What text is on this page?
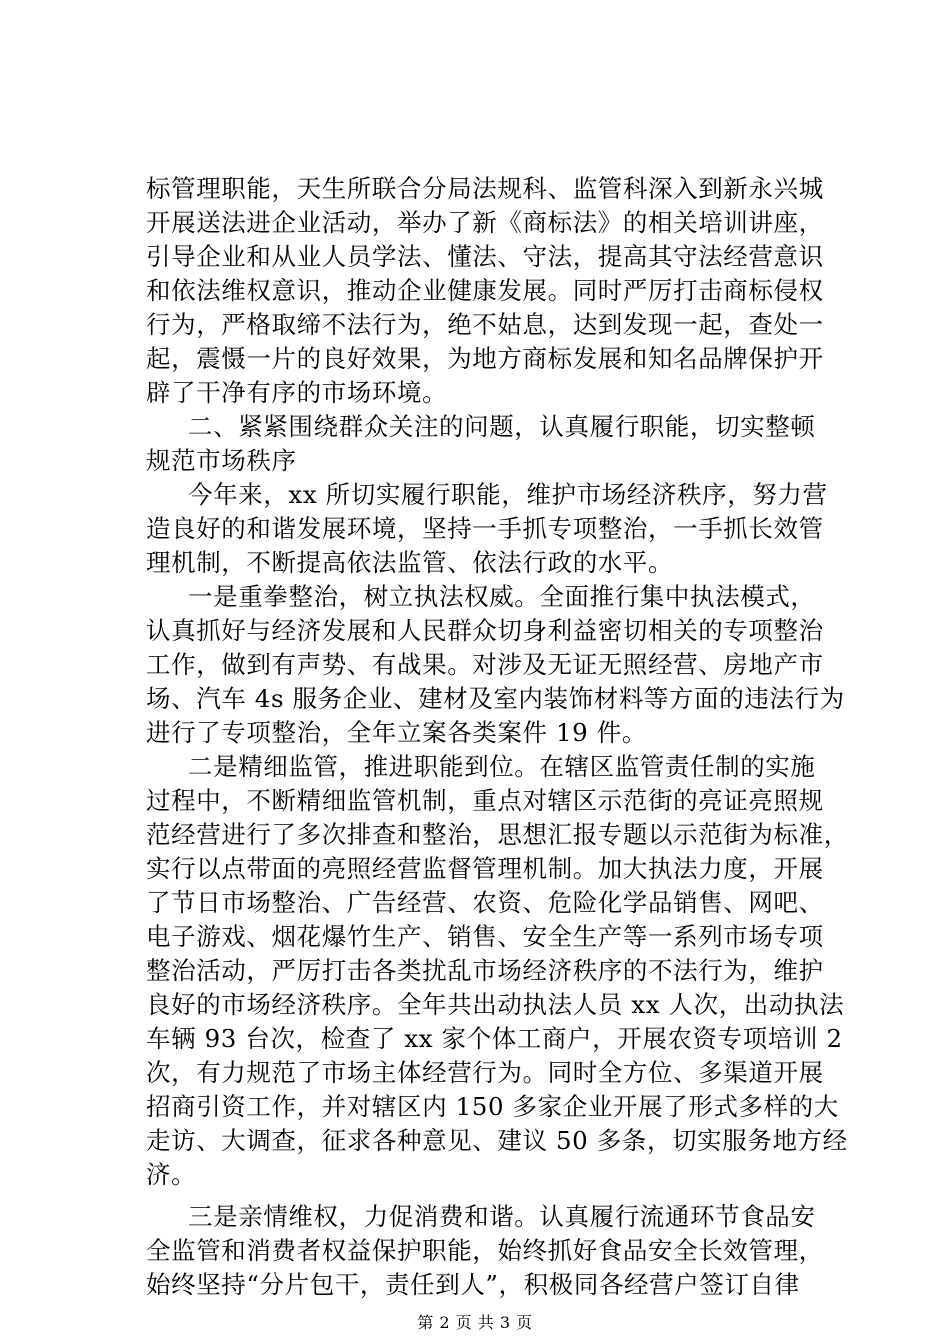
标管理职能，天生所联合分局法规科、监管科深入到新永兴城
开展送法进企业活动，举办了新《商标法》的相关培训讲座，
引导企业和从业人员学法、懂法、守法，提高其守法经营意识
和依法维权意识，推动企业健康发展。同时严厉打击商标侵权
行为，严格取缔不法行为，绝不姑息，达到发现一起，查处一
起，震慑一片的良好效果，为地方商标发展和知名品牌保护开
辟了干净有序的市场环境。
二、紧紧围绕群众关注的问题，认真履行职能，切实整顿
规范市场秩序
今年来，xx 所切实履行职能，维护市场经济秩序，努力营
造良好的和谐发展环境，坚持一手抓专项整治，一手抓长效管
理机制，不断提高依法监管、依法行政的水平。
一是重拳整治，树立执法权威。全面推行集中执法模式，
认真抓好与经济发展和人民群众切身利益密切相关的专项整治
工作，做到有声势、有战果。对涉及无证无照经营、房地产市
场、汽车 4s 服务企业、建材及室内装饰材料等方面的违法行为
进行了专项整治，全年立案各类案件 19 件。
二是精细监管，推进职能到位。在辖区监管责任制的实施
过程中，不断精细监管机制，重点对辖区示范街的亮证亮照规
范经营进行了多次排查和整治，思想汇报专题以示范街为标准，
实行以点带面的亮照经营监督管理机制。加大执法力度，开展
了节日市场整治、广告经营、农资、危险化学品销售、网吧、
电子游戏、烟花爆竹生产、销售、安全生产等一系列市场专项
整治活动，严厉打击各类扰乱市场经济秩序的不法行为，维护
良好的市场经济秩序。全年共出动执法人员 xx 人次，出动执法
车辆 93 台次，检查了 xx 家个体工商户，开展农资专项培训 2
次，有力规范了市场主体经营行为。同时全方位、多渠道开展
招商引资工作，并对辖区内 150 多家企业开展了形式多样的大
走访、大调查，征求各种意见、建议 50 多条，切实服务地方经
济。
三是亲情维权，力促消费和谐。认真履行流通环节食品安
全监管和消费者权益保护职能，始终抓好食品安全长效管理，
始终坚持“分片包干，责任到人”，积极同各经营户签订自律
第 2 页 共 3 页
